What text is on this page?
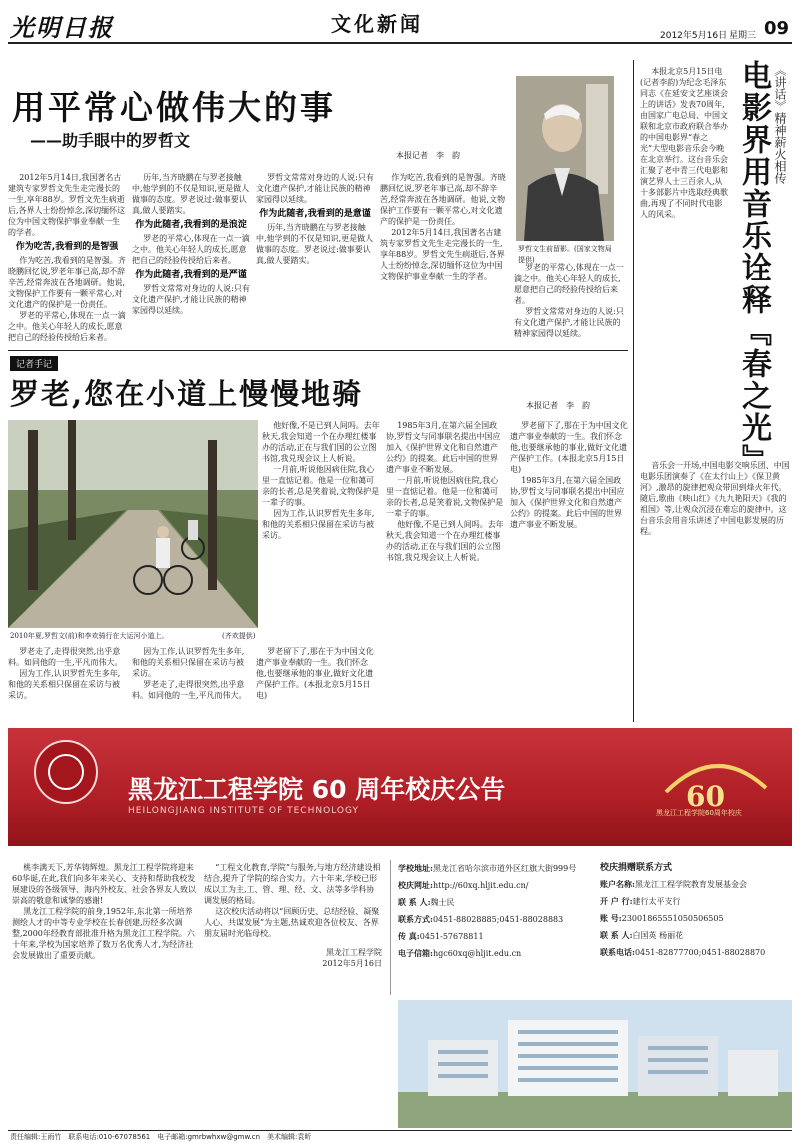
光明日报	文化新闻	2012年5月16日 星期三 09
用平常心做伟大的事
——助手眼中的罗哲文
本报记者　李　韵
罗哲文生前留影。(国家文物局提供)

2012年5月14日,我国著名古建筑专家罗哲文先生走完漫长的一生,享年88岁。罗哲文先生病逝后,各界人士纷纷悼念,深切缅怀这位为中国文物保护事业奉献一生的学者。

作为吃苦,我看到的是智强

作为吃苦,我看到的是智强。齐晓鹏回忆说,罗老年事已高,却不辞辛苦,经常奔波在各地调研。他说,文物保护工作要有一颗平常心,对文化遗产的保护是一份责任。

罗老的平常心,体现在一点一滴之中。他关心年轻人的成长,愿意把自己的经验传授给后来者。

历年,当齐晓鹏在与罗老接触中,他学到的不仅是知识,更是做人做事的态度。罗老说过:做事要认真,做人要踏实。

作为此随者,我看到的是浪淀

罗老的平常心,体现在一点一滴之中。他关心年轻人的成长,愿意把自己的经验传授给后来者。

作为此随者,我看到的是严谨

罗哲文常常对身边的人说:只有文化遗产保护,才能让民族的精神家园得以延续。

罗哲文常常对身边的人说:只有文化遗产保护,才能让民族的精神家园得以延续。

作为此随者,我看到的是意谨

历年,当齐晓鹏在与罗老接触中,他学到的不仅是知识,更是做人做事的态度。罗老说过:做事要认真,做人要踏实。

作为吃苦,我看到的是智强。齐晓鹏回忆说,罗老年事已高,却不辞辛苦,经常奔波在各地调研。他说,文物保护工作要有一颗平常心,对文化遗产的保护是一份责任。

2012年5月14日,我国著名古建筑专家罗哲文先生走完漫长的一生,享年88岁。罗哲文先生病逝后,各界人士纷纷悼念,深切缅怀这位为中国文物保护事业奉献一生的学者。

罗老的平常心,体现在一点一滴之中。他关心年轻人的成长,愿意把自己的经验传授给后来者。

罗哲文常常对身边的人说:只有文化遗产保护,才能让民族的精神家园得以延续。

记者手记
罗老,您在小道上慢慢地骑	本报记者　李　韵
2010年夏,罗哲文(前)和李欢骑行在大运河小道上。	(齐欢提供)

他好像,不是已到人间吗。去年秋天,我会知道一个在办理红楼事办的活动,正在与我们国的公立图书馆,我兑现会议上人析说。

一月前,听说他因病住院,我心里一直惦记着。他是一位和蔼可亲的长者,总是笑着说,文物保护是一辈子的事。

因为工作,认识罗哲先生多年,和他的关系相只保留在采访与被采访。

1985年3月,在第六届全国政协,罗哲文与同事联名提出中国应加入《保护世界文化和自然遗产公约》的提案。此后中国的世界遗产事业不断发展。

一月前,听说他因病住院,我心里一直惦记着。他是一位和蔼可亲的长者,总是笑着说,文物保护是一辈子的事。

他好像,不是已到人间吗。去年秋天,我会知道一个在办理红楼事办的活动,正在与我们国的公立图书馆,我兑现会议上人析说。

罗老留下了,那在于为中国文化遗产事业奉献的一生。我们怀念他,也要继承他的事业,做好文化遗产保护工作。(本报北京5月15日电)

1985年3月,在第六届全国政协,罗哲文与同事联名提出中国应加入《保护世界文化和自然遗产公约》的提案。此后中国的世界遗产事业不断发展。

罗老走了,走得很突然,出乎意料。如同他的一生,平凡而伟大。

因为工作,认识罗哲先生多年,和他的关系相只保留在采访与被采访。

因为工作,认识罗哲先生多年,和他的关系相只保留在采访与被采访。

罗老走了,走得很突然,出乎意料。如同他的一生,平凡而伟大。

罗老留下了,那在于为中国文化遗产事业奉献的一生。我们怀念他,也要继承他的事业,做好文化遗产保护工作。(本报北京5月15日电)

电影界用音乐诠释『春之光』 《讲话》精神薪火相传

本报北京5月15日电(记者李韵)为纪念毛泽东同志《在延安文艺座谈会上的讲话》发表70周年,由国家广电总局、中国文联和北京市政府联合举办的中国电影界“春之光”大型电影音乐会今晚在北京举行。这台音乐会汇聚了老中青三代电影和演艺界人士三百余人,从十多部影片中选取经典歌曲,再现了不同时代电影人的风采。

音乐会一开场,中国电影交响乐团、中国电影乐团演奏了《在太行山上》《保卫黄河》,激昂的旋律把观众带回到烽火年代。随后,歌曲《映山红》《九九艳阳天》《我的祖国》等,让观众沉浸在难忘的旋律中。这台音乐会用音乐讲述了中国电影发展的历程。

黑龙江工程学院 60 周年校庆公告
HEILONGJIANG INSTITUTE OF TECHNOLOGY	60
黑龙江工程学院60周年校庆

桃李满天下,芳华铸辉煌。黑龙江工程学院将迎来60华诞,在此,我们向多年来关心、支持和帮助我校发展建设的各级领导、海内外校友、社会各界友人致以崇高的敬意和诚挚的感谢!

黑龙江工程学院的前身,1952年,东北第一所培养测绘人才的中等专业学校在长春创建,历经多次调整,2000年经教育部批准升格为黑龙江工程学院。六十年来,学校为国家培养了数万名优秀人才,为经济社会发展做出了重要贡献。

“工程文化教育,学院”与服务,与地方经济建设相结合,提升了学院的综合实力。六十年来,学校已形成以工为主,工、管、理、经、文、法等多学科协调发展的格局。

这次校庆活动将以“回顾历史、总结经验、凝聚人心、共谋发展”为主题,热诚欢迎各位校友、各界朋友届时光临母校。

黑龙江工程学院
2012年5月16日
学校地址:黑龙江省哈尔滨市道外区红旗大街999号
校庆网址:http://60xq.hljit.edu.cn/
联 系 人:魏士民
联系方式:0451-88028885;0451-88028883
传 真:0451-57678811
电子信箱:hgc60xq@hljit.edu.cn
校庆捐赠联系方式
账户名称:黑龙江工程学院教育发展基金会
开 户 行:建行太平支行
账 号:23001865551050506505
联 系 人:白国英 杨丽花
联系电话:0451-82877700;0451-88028870
责任编辑:王雨竹　联系电话:010-67078561　电子邮箱:gmrbwhxw@gmw.cn　美术编辑:袁昕
